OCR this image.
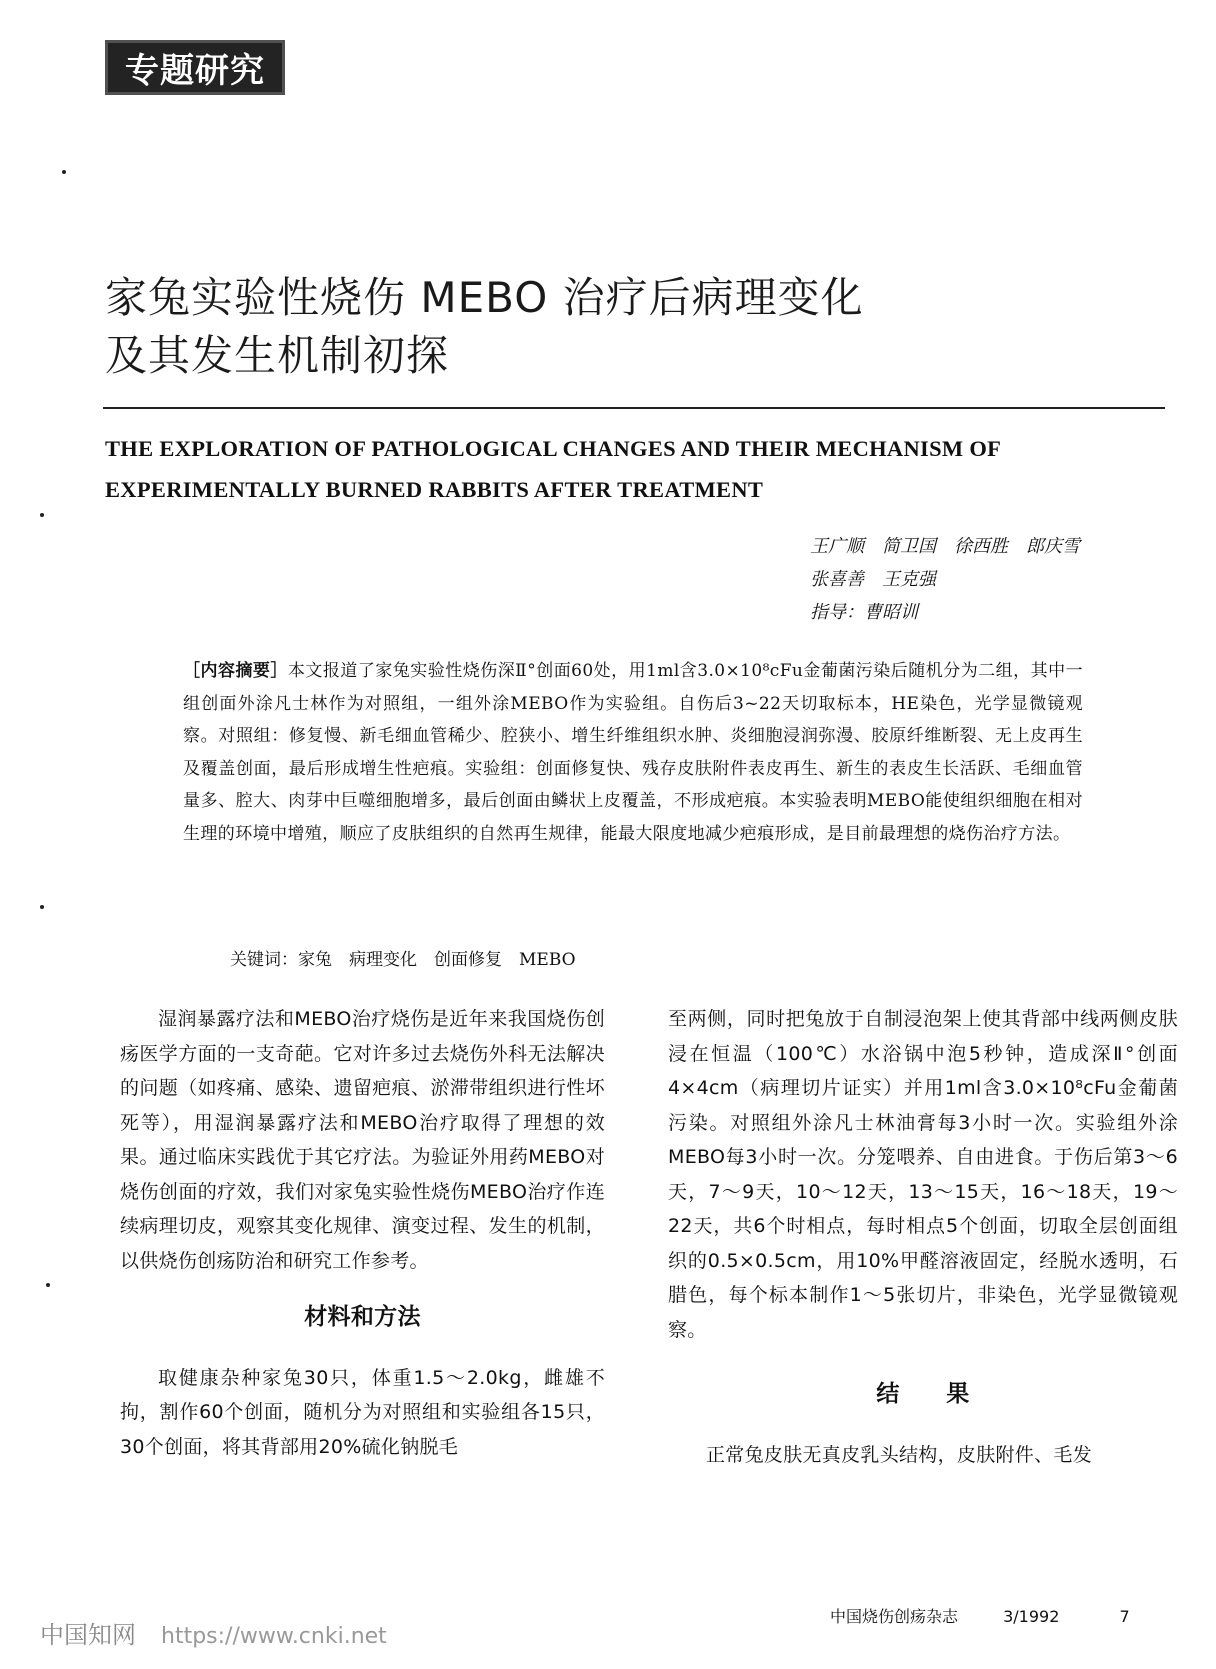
专题研究
家兔实验性烧伤 MEBO 治疗后病理变化
及其发生机制初探
THE EXPLORATION OF PATHOLOGICAL CHANGES AND THEIR MECHANISM OF
EXPERIMENTALLY BURNED RABBITS AFTER TREATMENT
王广顺　简卫国　徐西胜　郎庆雪
张喜善　王克强
指导：曹昭训
［内容摘要］本文报道了家兔实验性烧伤深Ⅱ°创面60处，用1ml含3.0×10⁸cFu金葡菌污染后随机分为二组，其中一组创面外涂凡士林作为对照组，一组外涂MEBO作为实验组。自伤后3~22天切取标本，HE染色，光学显微镜观察。对照组：修复慢、新毛细血管稀少、腔狭小、增生纤维组织水肿、炎细胞浸润弥漫、胶原纤维断裂、无上皮再生及覆盖创面，最后形成增生性疤痕。实验组：创面修复快、残存皮肤附件表皮再生、新生的表皮生长活跃、毛细血管量多、腔大、肉芽中巨噬细胞增多，最后创面由鳞状上皮覆盖，不形成疤痕。本实验表明MEBO能使组织细胞在相对生理的环境中增殖，顺应了皮肤组织的自然再生规律，能最大限度地减少疤痕形成，是目前最理想的烧伤治疗方法。
关键词：家兔　病理变化　创面修复　MEBO

湿润暴露疗法和MEBO治疗烧伤是近年来我国烧伤创疡医学方面的一支奇葩。它对许多过去烧伤外科无法解决的问题（如疼痛、感染、遗留疤痕、淤滞带组织进行性坏死等），用湿润暴露疗法和MEBO治疗取得了理想的效果。通过临床实践优于其它疗法。为验证外用药MEBO对烧伤创面的疗效，我们对家兔实验性烧伤MEBO治疗作连续病理切皮，观察其变化规律、演变过程、发生的机制，以供烧伤创疡防治和研究工作参考。

材料和方法

取健康杂种家兔30只，体重1.5～2.0kg，雌雄不拘，割作60个创面，随机分为对照组和实验组各15只，30个创面，将其背部用20%硫化钠脱毛

至两侧，同时把兔放于自制浸泡架上使其背部中线两侧皮肤浸在恒温（100℃）水浴锅中泡5秒钟，造成深Ⅱ°创面4×4cm（病理切片证实）并用1ml含3.0×10⁸cFu金葡菌污染。对照组外涂凡士林油膏每3小时一次。实验组外涂MEBO每3小时一次。分笼喂养、自由进食。于伤后第3～6天，7～9天，10～12天，13～15天，16～18天，19～22天，共6个时相点，每时相点5个创面，切取全层创面组织的0.5×0.5cm，用10%甲醛溶液固定，经脱水透明，石腊色，每个标本制作1～5张切片，非染色，光学显微镜观察。

结　　果

正常兔皮肤无真皮乳头结构，皮肤附件、毛发

中国烧伤创疡杂志	3/1992	7
中国知网 https://www.cnki.net
